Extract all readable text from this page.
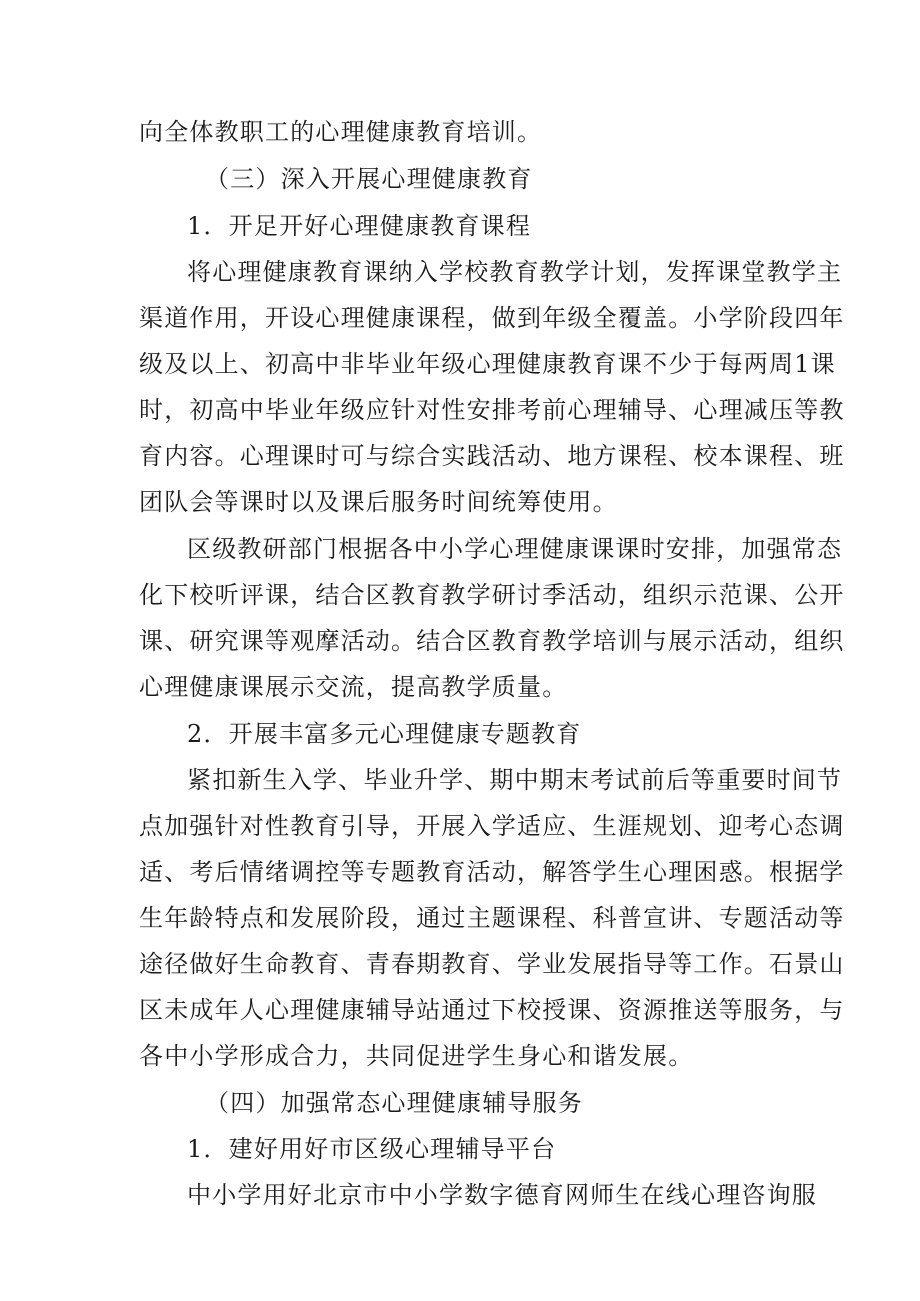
向全体教职工的心理健康教育培训。
（三）深入开展心理健康教育
1．开足开好心理健康教育课程
将心理健康教育课纳入学校教育教学计划，发挥课堂教学主
渠道作用，开设心理健康课程，做到年级全覆盖。小学阶段四年
级及以上、初高中非毕业年级心理健康教育课不少于每两周1课
时，初高中毕业年级应针对性安排考前心理辅导、心理减压等教
育内容。心理课时可与综合实践活动、地方课程、校本课程、班
团队会等课时以及课后服务时间统筹使用。
区级教研部门根据各中小学心理健康课课时安排，加强常态
化下校听评课，结合区教育教学研讨季活动，组织示范课、公开
课、研究课等观摩活动。结合区教育教学培训与展示活动，组织
心理健康课展示交流，提高教学质量。
2．开展丰富多元心理健康专题教育
紧扣新生入学、毕业升学、期中期末考试前后等重要时间节
点加强针对性教育引导，开展入学适应、生涯规划、迎考心态调
适、考后情绪调控等专题教育活动，解答学生心理困惑。根据学
生年龄特点和发展阶段，通过主题课程、科普宣讲、专题活动等
途径做好生命教育、青春期教育、学业发展指导等工作。石景山
区未成年人心理健康辅导站通过下校授课、资源推送等服务，与
各中小学形成合力，共同促进学生身心和谐发展。
（四）加强常态心理健康辅导服务
1．建好用好市区级心理辅导平台
中小学用好北京市中小学数字德育网师生在线心理咨询服
